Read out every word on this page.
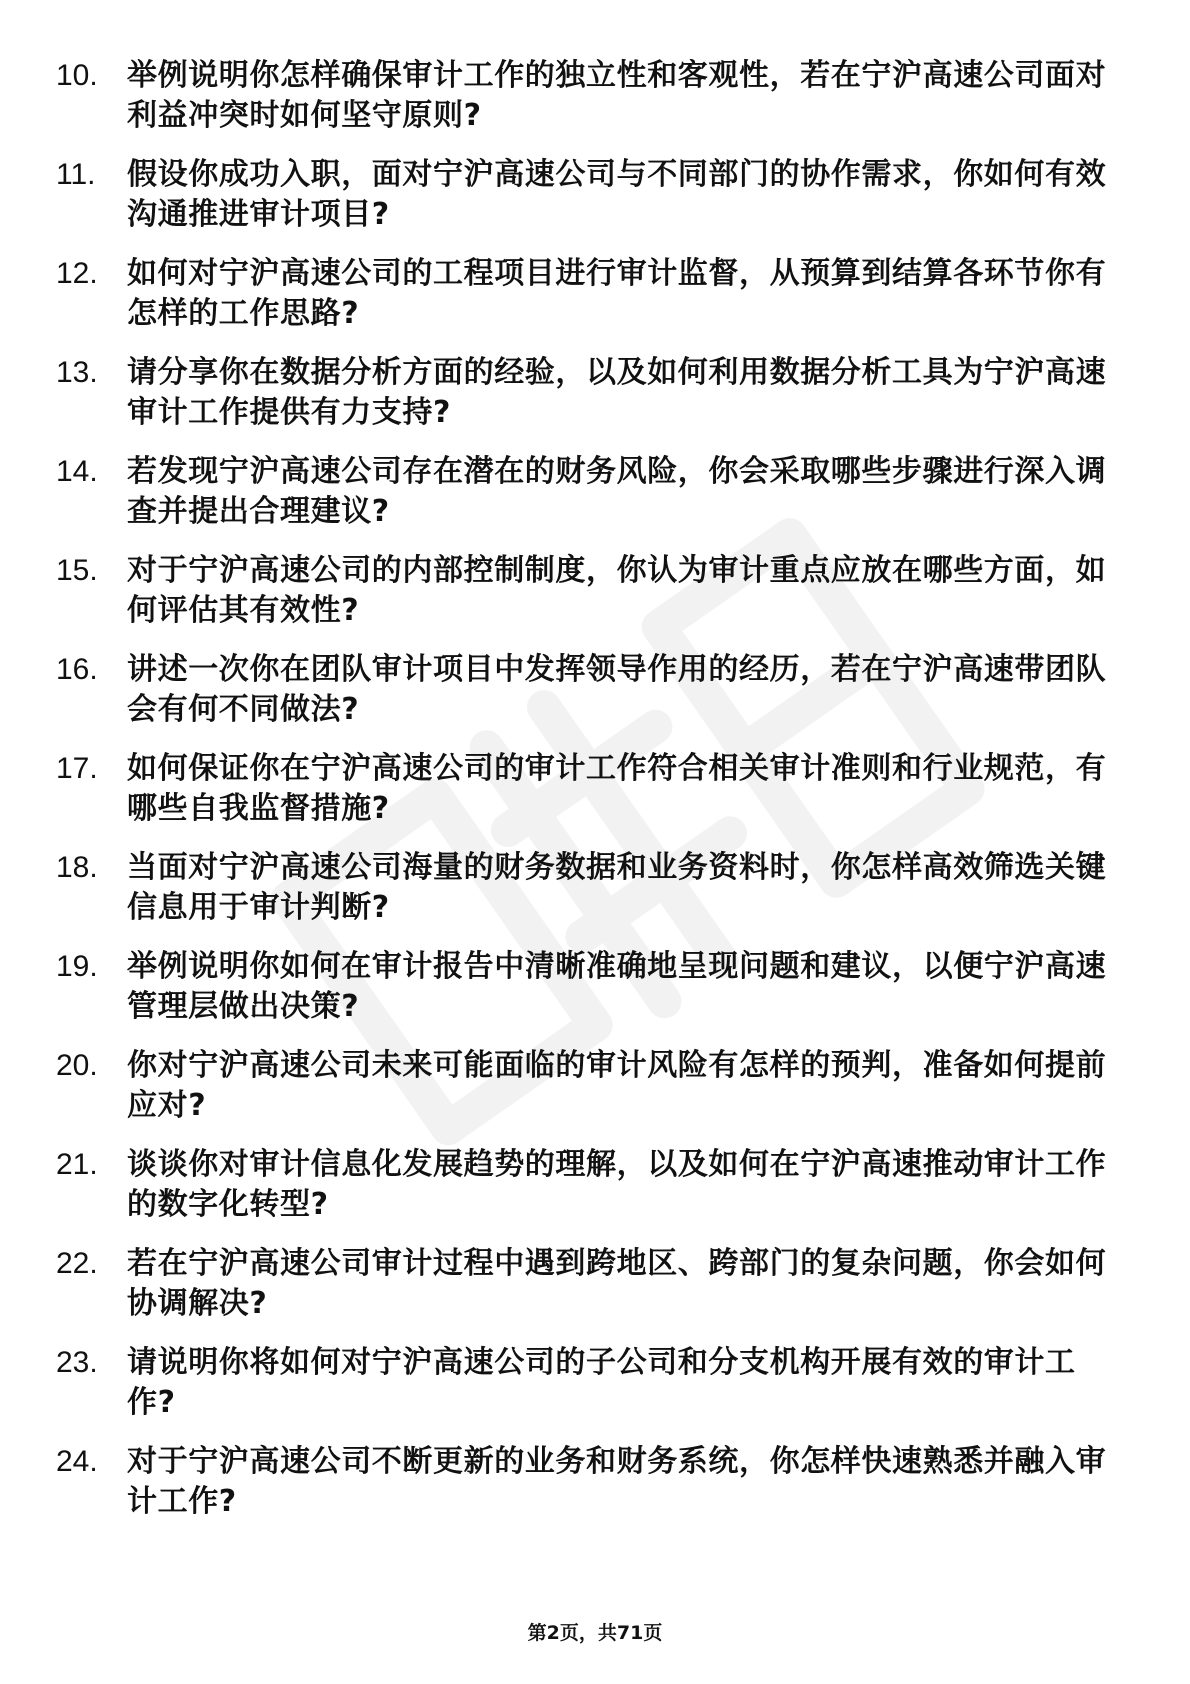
10. 举例说明你怎样确保审计工作的独立性和客观性，若在宁沪高速公司面对利益冲突时如何坚守原则?
11. 假设你成功入职，面对宁沪高速公司与不同部门的协作需求，你如何有效沟通推进审计项目?
12. 如何对宁沪高速公司的工程项目进行审计监督，从预算到结算各环节你有怎样的工作思路?
13. 请分享你在数据分析方面的经验，以及如何利用数据分析工具为宁沪高速审计工作提供有力支持?
14. 若发现宁沪高速公司存在潜在的财务风险，你会采取哪些步骤进行深入调查并提出合理建议?
15. 对于宁沪高速公司的内部控制制度，你认为审计重点应放在哪些方面，如何评估其有效性?
16. 讲述一次你在团队审计项目中发挥领导作用的经历，若在宁沪高速带团队会有何不同做法?
17. 如何保证你在宁沪高速公司的审计工作符合相关审计准则和行业规范，有哪些自我监督措施?
18. 当面对宁沪高速公司海量的财务数据和业务资料时，你怎样高效筛选关键信息用于审计判断?
19. 举例说明你如何在审计报告中清晰准确地呈现问题和建议，以便宁沪高速管理层做出决策?
20. 你对宁沪高速公司未来可能面临的审计风险有怎样的预判，准备如何提前应对?
21. 谈谈你对审计信息化发展趋势的理解，以及如何在宁沪高速推动审计工作的数字化转型?
22. 若在宁沪高速公司审计过程中遇到跨地区、跨部门的复杂问题，你会如何协调解决?
23. 请说明你将如何对宁沪高速公司的子公司和分支机构开展有效的审计工作?
24. 对于宁沪高速公司不断更新的业务和财务系统，你怎样快速熟悉并融入审计工作?
第2页，共71页
